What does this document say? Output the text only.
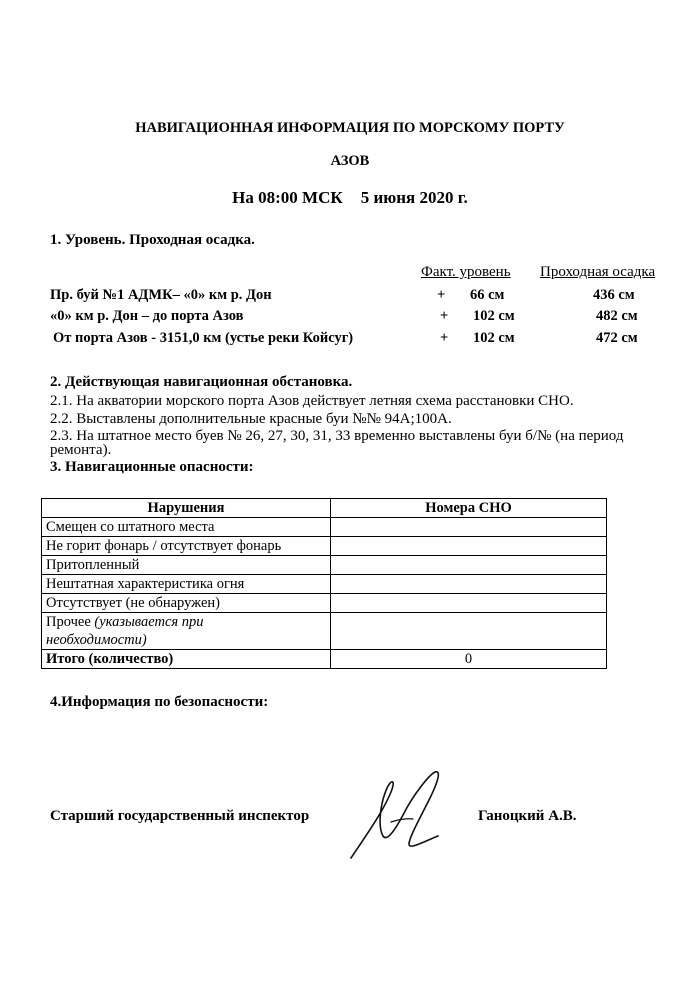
НАВИГАЦИОННАЯ ИНФОРМАЦИЯ ПО МОРСКОМУ ПОРТУ
АЗОВ
На 08:00 МСК 5 июня 2020 г.
1. Уровень. Проходная осадка.
Факт. уровень Проходная осадка
Пр. буй №1 АДМК– «0» км р. Дон	+ 66 см	436 см
«0» км р. Дон – до порта Азов	+ 102 см	482 см
От порта Азов - 3151,0 км (устье реки Койсуг)	+ 102 см	472 см
2. Действующая навигационная обстановка.
2.1. На акватории морского порта Азов действует летняя схема расстановки СНО.
2.2. Выставлены дополнительные красные буи №№ 94А;100А.
2.3. На штатное место буев № 26, 27, 30, 31, 33 временно выставлены буи б/№ (на период
ремонта).
3. Навигационные опасности:
Нарушения	Номера СНО
Смещен со штатного места	
Не горит фонарь / отсутствует фонарь	
Притопленный	
Нештатная характеристика огня	
Отсутствует (не обнаружен)	
Прочее (указывается при
необходимости)	
Итого (количество)	0
4.Информация по безопасности:
Старший государственный инспектор	Ганоцкий А.В.
